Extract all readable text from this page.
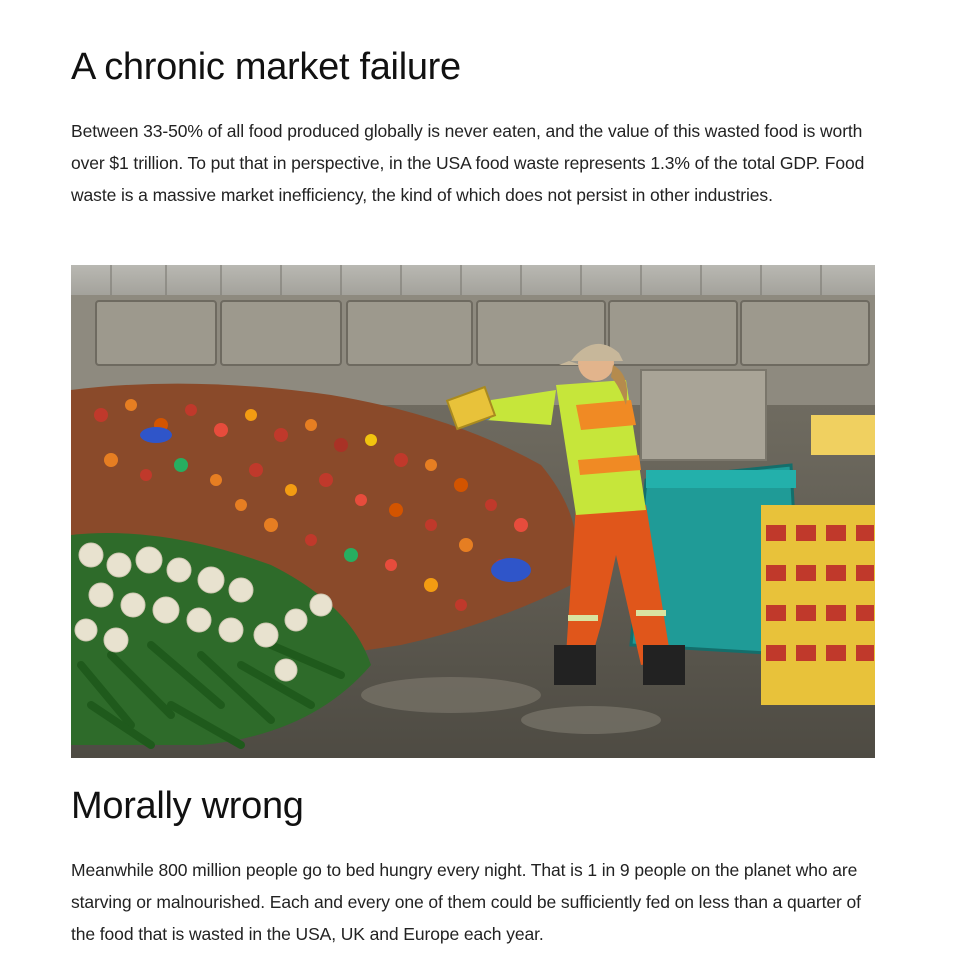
A chronic market failure

Between 33-50% of all food produced globally is never eaten, and the value of this wasted food is worth over $1 trillion. To put that in perspective, in the USA food waste represents 1.3% of the total GDP. Food waste is a massive market inefficiency, the kind of which does not persist in other industries.

Morally wrong

Meanwhile 800 million people go to bed hungry every night. That is 1 in 9 people on the planet who are starving or malnourished. Each and every one of them could be sufficiently fed on less than a quarter of the food that is wasted in the USA, UK and Europe each year.
